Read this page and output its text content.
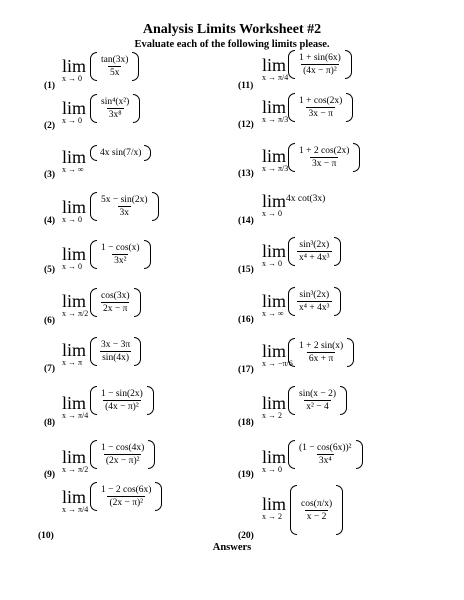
Analysis Limits Worksheet #2
Evaluate each of the following limits please.
(1)
lim
x → 0	$\frac{\tan(3x)}{5x}$
(2)
lim
x → 0	$\frac{\text{sin⁴(x²)}}{\text{3x⁸}}$
(3)
lim
x → ∞
4x sin(7/x)
(4)
lim
x → 0	$\frac{5x - \sin(2x)}{3x}$
(5)
lim
x → 0	$\frac{1 - \cos(x)}{\text{3x²}}$
(6)
lim
$x \to \pi/2 \frac{\cos(3x)}{2x - \pi}$
(7)
lim
x → π	$\frac{3x - 3\pi}{\sin(4x)}$
(8)
lim
x → π/4
$\frac{1 - \sin(2x)}{\text{(4x − π)²}}$
(9)
lim
x → π/2
$\frac{1 - \cos(4x)}{\text{(2x − π)²}}$
(10)
lim
$x \to \pi/4 \frac{1 - 2 \cos(6x)}{\text{(2x − π)²}}$
(11)
lim
$x \to \pi/4 \frac{1 + \sin(6x)}{\text{(4x − π)²}}$
(12)
lim
$x \to \pi/3 \frac{1 + \cos(2x)}{3x - \pi}$
(13)
lim
$x \to \pi/3 \frac{1 + 2 \cos(2x)}{3x - \pi}$
(14)
lim
x → 0
4x cot(3x)
(15)
lim
x → 0	$\frac{\text{sin³(2x)}}{\text{x⁴ + 4x³}}$
(16)
lim
x → ∞ $\frac{\text{sin³(2x)}}{\text{x⁴ + 4x³}}$
(17)
lim
$x \to -\pi/6 \frac{1 + 2 \sin(x)}{6x + \pi}$
(18)
lim
x → 2
$\frac{\sin(x - 2)}{\text{x² − 4}}$
(19)
lim
x → 0
$\frac{\text{(1 − cos(6x))²}}{\text{3x⁴}}$
(20)
lim
x → 2	$\frac{\cos(\pi/x)}{x - 2}$
Answers
